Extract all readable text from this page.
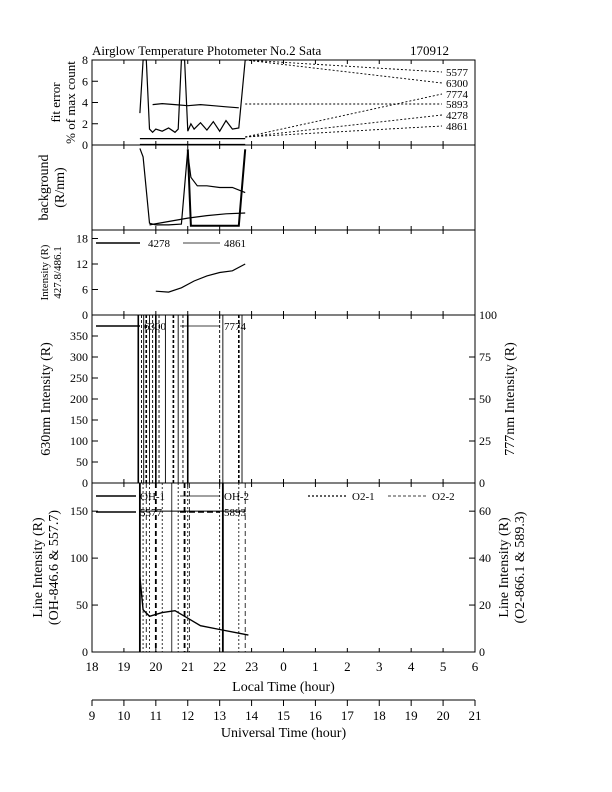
Airglow Temperature Photometer No.2 Sata	170912
0
2
4
6
8
fit error % of max count	5577
6300
7774
5893
4278
4861
background (R/nm)
0
6
12
18
Intensity (R) 427.8/486.1
4278	4861
0
50
100
150
200
250
300
350
0
25
50
75
100
630nm Intensity (R)	777nm Intensity (R)
6300	7774
0
50
100
150
0
20
40
60
Line Intensity (R) (OH-846.6 & 557.7)	Line Intensity (R) (O2-866.1 & 589.3)
OH-1	OH-2	O2-1	O2-2
5577	5893
18 19 20 21 22 23 0 1 2 3 4 5 6
Local Time (hour)
9 10 11 12 13 14 15 16 17 18 19 20 21
Universal Time (hour)
